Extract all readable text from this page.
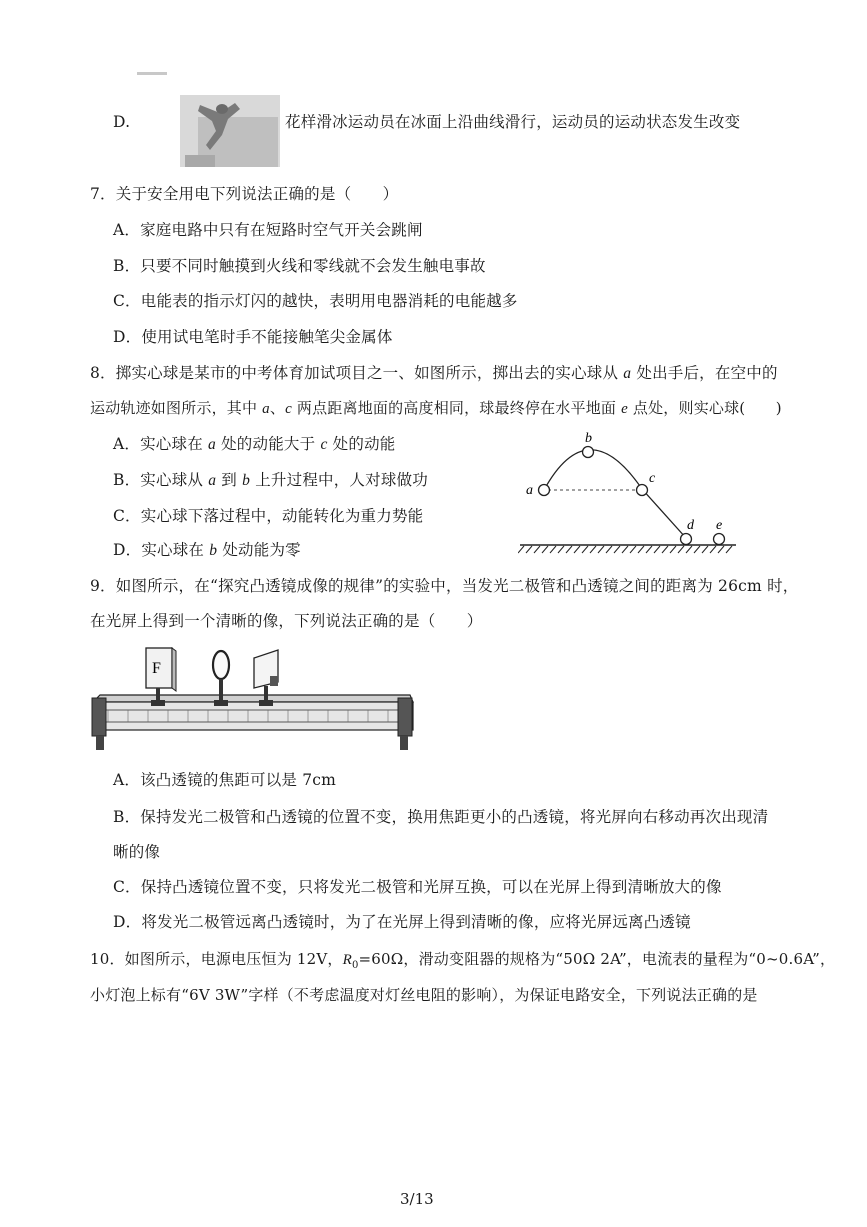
D.	花样滑冰运动员在冰面上沿曲线滑行，运动员的运动状态发生改变
7．关于安全用电下列说法正确的是（　　）
A．家庭电路中只有在短路时空气开关会跳闸
B．只要不同时触摸到火线和零线就不会发生触电事故
C．电能表的指示灯闪的越快，表明用电器消耗的电能越多
D．使用试电笔时手不能接触笔尖金属体
8．掷实心球是某市的中考体育加试项目之一、如图所示，掷出去的实心球从 a 处出手后，在空中的
运动轨迹如图所示，其中 a、c 两点距离地面的高度相同，球最终停在水平地面 e 点处，则实心球(　　)
A．实心球在 a 处的动能大于 c 处的动能
B．实心球从 a 到 b 上升过程中，人对球做功
C．实心球下落过程中，动能转化为重力势能
D．实心球在 b 处动能为零
a
b
c
d e
9．如图所示，在“探究凸透镜成像的规律”的实验中，当发光二极管和凸透镜之间的距离为 26cm 时，
在光屏上得到一个清晰的像，下列说法正确的是（　　）
F
A．该凸透镜的焦距可以是 7cm
B．保持发光二极管和凸透镜的位置不变，换用焦距更小的凸透镜，将光屏向右移动再次出现清
晰的像
C．保持凸透镜位置不变，只将发光二极管和光屏互换，可以在光屏上得到清晰放大的像
D．将发光二极管远离凸透镜时，为了在光屏上得到清晰的像，应将光屏远离凸透镜
10．如图所示，电源电压恒为 12V，$R_0=60\Omega$，滑动变阻器的规格为“50Ω 2A”，电流表的量程为“0~0.6A”，
小灯泡上标有“6V 3W”字样（不考虑温度对灯丝电阻的影响），为保证电路安全，下列说法正确的是
3/13
